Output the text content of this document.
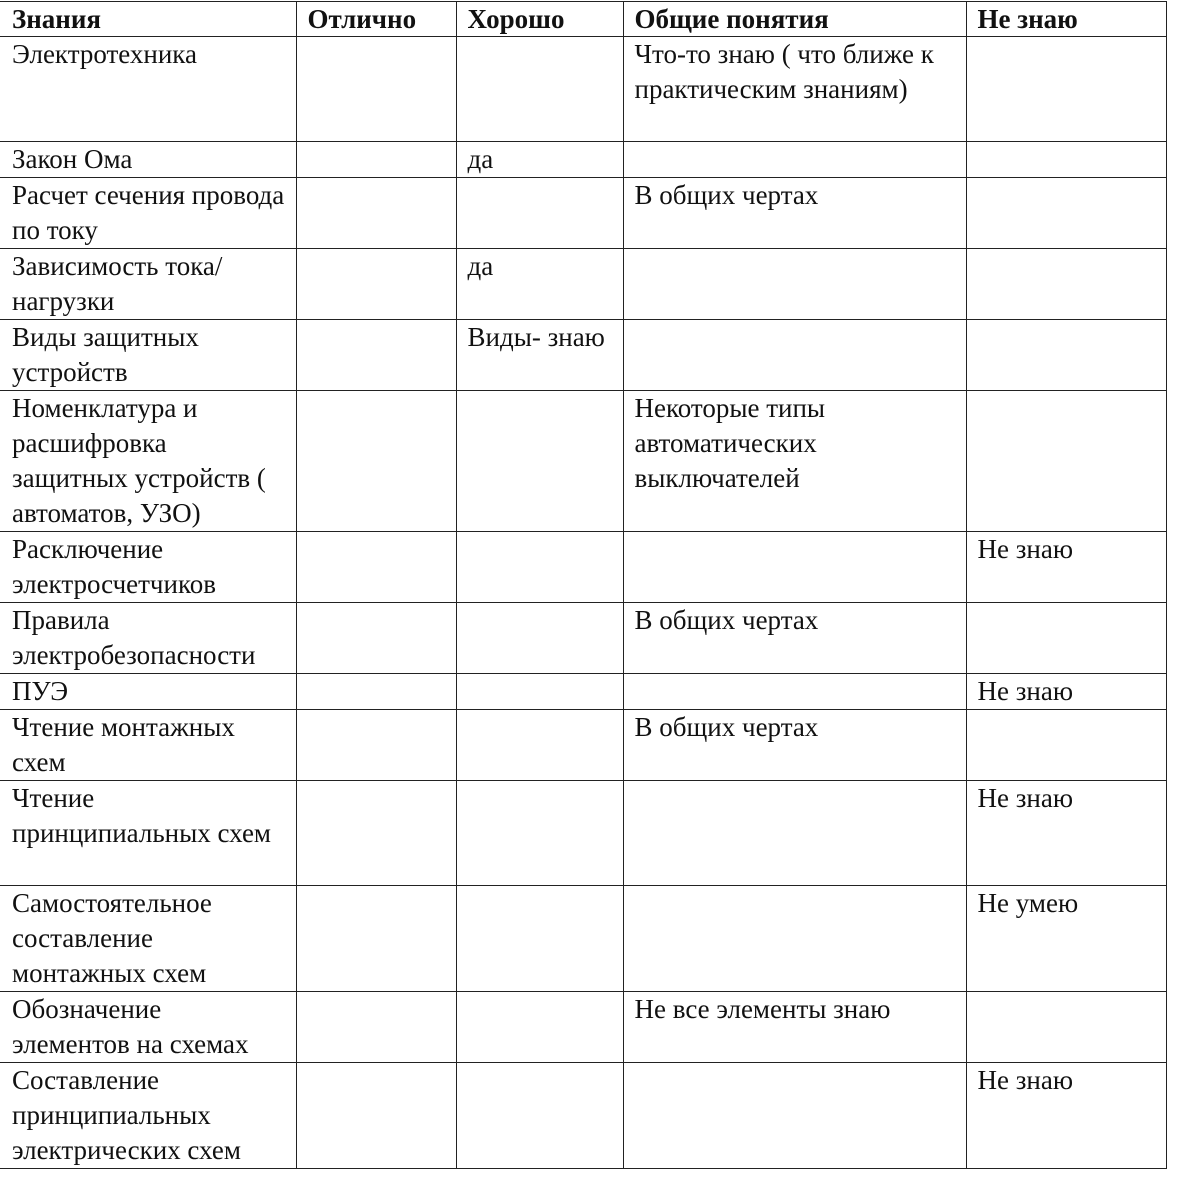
Знания	Отлично	Хорошо	Общие понятия	Не знаю
Электротехника			Что-то знаю ( что ближе к практическим знаниям)	
Закон Ома		да		
Расчет сечения провода по току			В общих чертах	
Зависимость тока/нагрузки		да		
Виды защитных устройств		Виды- знаю		
Номенклатура и расшифровка защитных устройств ( автоматов, УЗО)			Некоторые типы автоматических выключателей	
Расключение электросчетчиков				Не знаю
Правила электробезопасности			В общих чертах	
ПУЭ				Не знаю
Чтение монтажных схем			В общих чертах	
Чтение принципиальных схем				Не знаю
Самостоятельное составление монтажных схем				Не умею
Обозначение элементов на схемах			Не все элементы знаю	
Составление принципиальных электрических схем				Не знаю
